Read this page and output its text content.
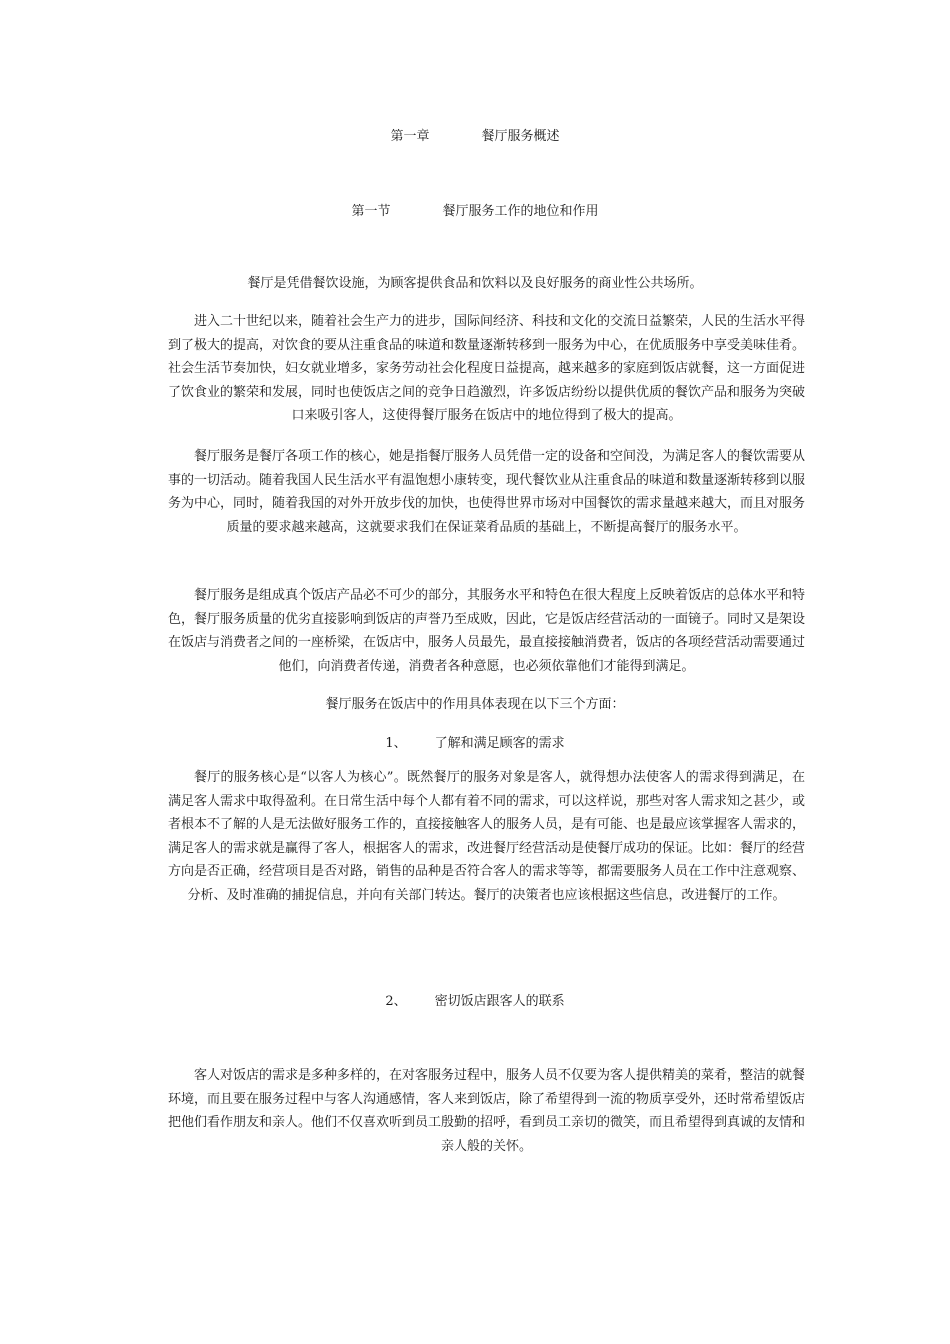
第一章	餐厅服务概述
第一节	餐厅服务工作的地位和作用
餐厅是凭借餐饮设施，为顾客提供食品和饮料以及良好服务的商业性公共场所。

进入二十世纪以来，随着社会生产力的进步，国际间经济、科技和文化的交流日益繁荣，人民的生活水平得到了极大的提高，对饮食的要从注重食品的味道和数量逐渐转移到一服务为中心，在优质服务中享受美味佳肴。社会生活节奏加快，妇女就业增多，家务劳动社会化程度日益提高，越来越多的家庭到饭店就餐，这一方面促进了饮食业的繁荣和发展，同时也使饭店之间的竞争日趋激烈，许多饭店纷纷以提供优质的餐饮产品和服务为突破口来吸引客人，这使得餐厅服务在饭店中的地位得到了极大的提高。

餐厅服务是餐厅各项工作的核心，她是指餐厅服务人员凭借一定的设备和空间没，为满足客人的餐饮需要从事的一切活动。随着我国人民生活水平有温饱想小康转变，现代餐饮业从注重食品的味道和数量逐渐转移到以服务为中心，同时，随着我国的对外开放步伐的加快，也使得世界市场对中国餐饮的需求量越来越大，而且对服务质量的要求越来越高，这就要求我们在保证菜肴品质的基础上，不断提高餐厅的服务水平。

餐厅服务是组成真个饭店产品必不可少的部分，其服务水平和特色在很大程度上反映着饭店的总体水平和特色，餐厅服务质量的优劣直接影响到饭店的声誉乃至成败，因此，它是饭店经营活动的一面镜子。同时又是架设在饭店与消费者之间的一座桥梁，在饭店中，服务人员最先，最直接接触消费者，饭店的各项经营活动需要通过他们，向消费者传递，消费者各种意愿，也必须依靠他们才能得到满足。

餐厅服务在饭店中的作用具体表现在以下三个方面：
1、 了解和满足顾客的需求

餐厅的服务核心是“以客人为核心”。既然餐厅的服务对象是客人，就得想办法使客人的需求得到满足，在满足客人需求中取得盈利。在日常生活中每个人都有着不同的需求，可以这样说，那些对客人需求知之甚少，或者根本不了解的人是无法做好服务工作的，直接接触客人的服务人员，是有可能、也是最应该掌握客人需求的，满足客人的需求就是赢得了客人，根据客人的需求，改进餐厅经营活动是使餐厅成功的保证。比如：餐厅的经营方向是否正确，经营项目是否对路，销售的品种是否符合客人的需求等等，都需要服务人员在工作中注意观察、分析、及时准确的捕捉信息，并向有关部门转达。餐厅的决策者也应该根据这些信息，改进餐厅的工作。

2、 密切饭店跟客人的联系

客人对饭店的需求是多种多样的，在对客服务过程中，服务人员不仅要为客人提供精美的菜肴，整洁的就餐环境，而且要在服务过程中与客人沟通感情，客人来到饭店，除了希望得到一流的物质享受外，还时常希望饭店把他们看作朋友和亲人。他们不仅喜欢听到员工殷勤的招呼，看到员工亲切的微笑，而且希望得到真诚的友情和亲人般的关怀。
